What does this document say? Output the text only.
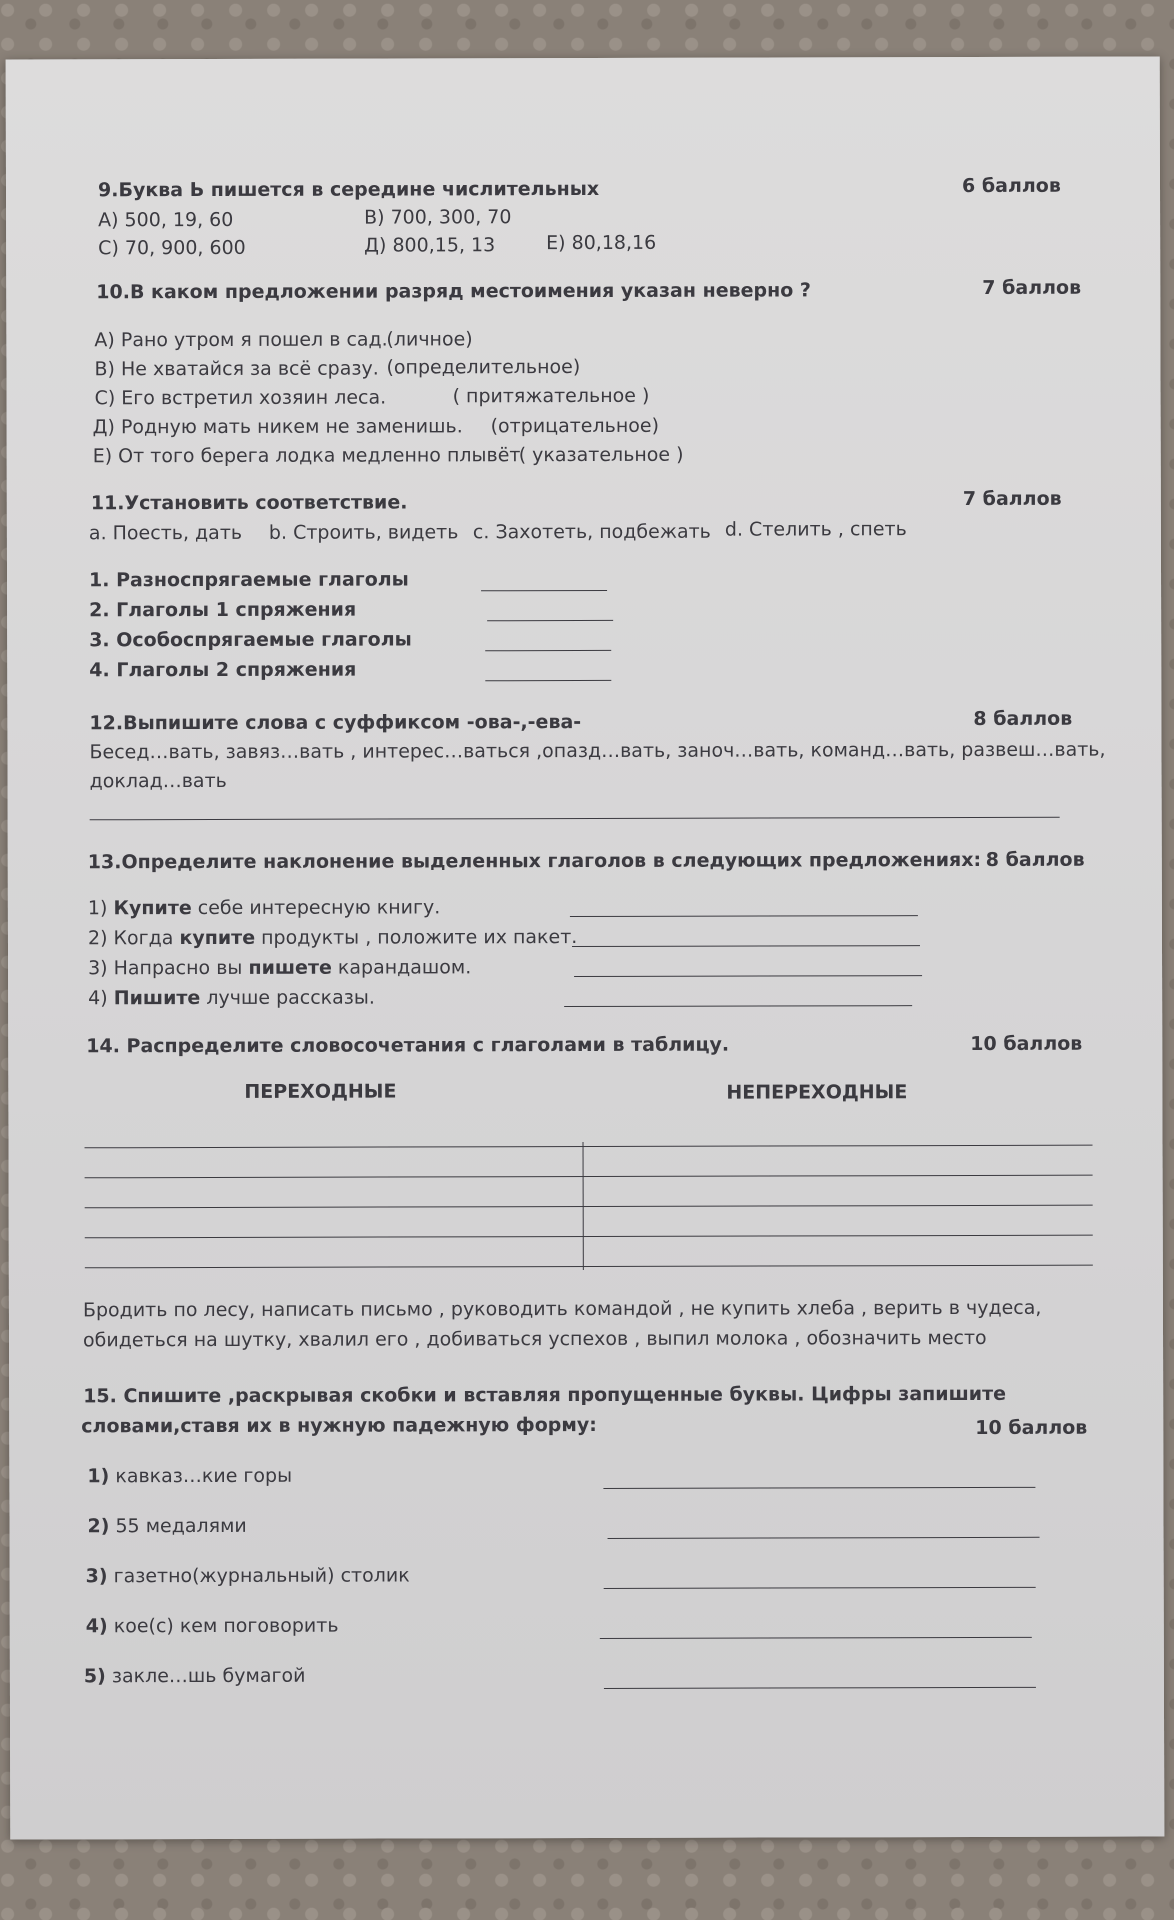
9.Буква Ь пишется в середине числительных	6 баллов
А) 500, 19, 60	В) 700, 300, 70
С) 70, 900, 600	Д) 800,15, 13	Е) 80,18,16
10.В каком предложении разряд местоимения указан неверно ?	7 баллов
А) Рано утром я пошел в сад.
(личное)
В) Не хватайся за всё сразу. (определительное)
С) Его встретил хозяин леса.	( притяжательное )
Д) Родную мать никем не заменишь. (отрицательное)
Е) От того берега лодка медленно плывёт
( указательное )
11.Установить соответствие.	7 баллов
a. Поесть, дать b. Строить, видеть c. Захотеть, подбежать d. Стелить , спеть
1. Разноспрягаемые глаголы
2. Глаголы 1 спряжения
3. Особоспрягаемые глаголы
4. Глаголы 2 спряжения
12.Выпишите слова с суффиксом -ова-,-ева-	8 баллов
Бесед…вать, завяз…вать , интерес…ваться ,опазд…вать, заноч…вать, команд…вать, развеш…вать,
доклад…вать
13.Определите наклонение выделенных глаголов в следующих предложениях: 8 баллов
1) Купите себе интересную книгу.
2) Когда купите продукты , положите их пакет.
3) Напрасно вы пишете карандашом.
4) Пишите лучше рассказы.
14. Распределите словосочетания с глаголами в таблицу.	10 баллов
ПЕРЕХОДНЫЕ	НЕПЕРЕХОДНЫЕ
Бродить по лесу, написать письмо , руководить командой , не купить хлеба , верить в чудеса,
обидеться на шутку, хвалил его , добиваться успехов , выпил молока , обозначить место
15. Спишите ,раскрывая скобки и вставляя пропущенные буквы. Цифры запишите
словами,ставя их в нужную падежную форму:	10 баллов
1) кавказ…кие горы
2) 55 медалями
3) газетно(журнальный) столик
4) кое(с) кем поговорить
5) закле…шь бумагой
